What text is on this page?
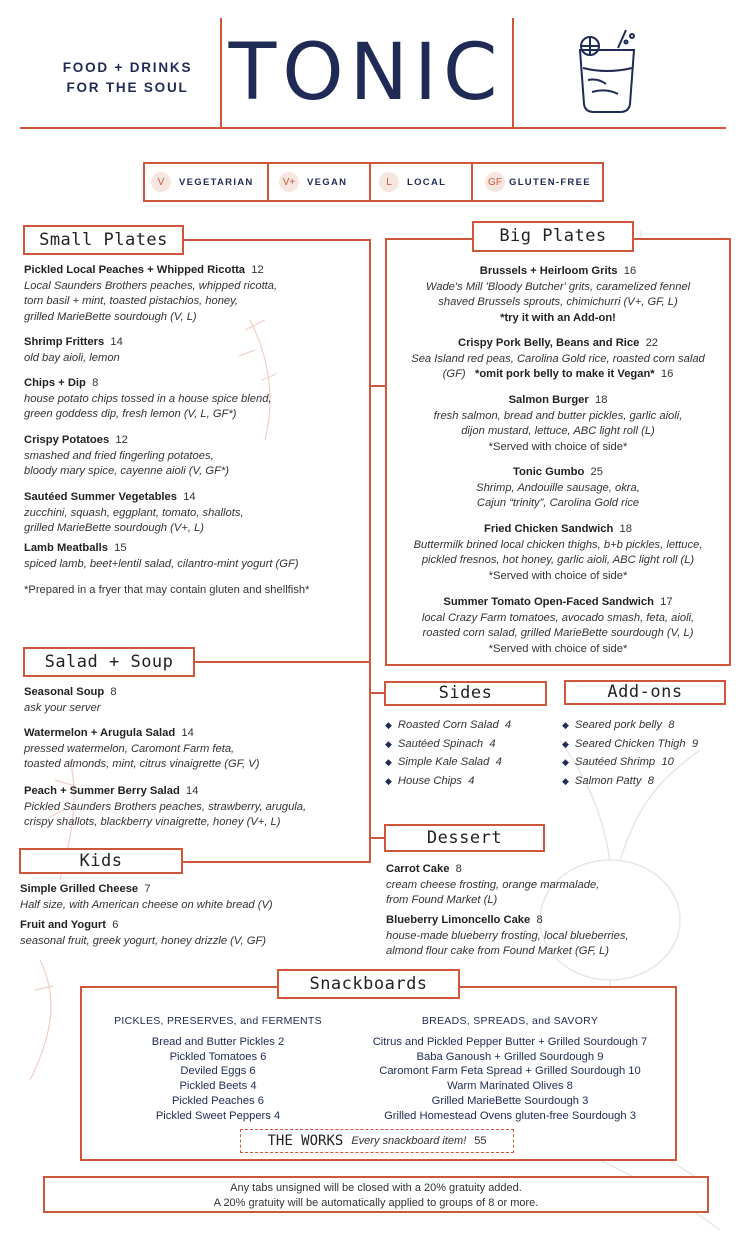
FOOD + DRINKS
FOR THE SOUL TONIC
V	VEGETARIAN	V+	VEGAN	L	LOCAL	GF GLUTEN-FREE
Small Plates
Pickled Local Peaches + Whipped Ricotta 12
Local Saunders Brothers peaches, whipped ricotta,
torn basil + mint, toasted pistachios, honey,
grilled MarieBette sourdough (V, L)
Shrimp Fritters 14
old bay aioli, lemon
Chips + Dip 8
house potato chips tossed in a house spice blend,
green goddess dip, fresh lemon (V, L, GF*)
Crispy Potatoes 12
smashed and fried fingerling potatoes,
bloody mary spice, cayenne aioli (V, GF*)
Sautéed Summer Vegetables 14
zucchini, squash, eggplant, tomato, shallots,
grilled MarieBette sourdough (V+, L)
Lamb Meatballs 15
spiced lamb, beet+lentil salad, cilantro-mint yogurt (GF)
*Prepared in a fryer that may contain gluten and shellfish*
Salad + Soup
Seasonal Soup 8
ask your server
Watermelon + Arugula Salad 14
pressed watermelon, Caromont Farm feta,
toasted almonds, mint, citrus vinaigrette (GF, V)
Peach + Summer Berry Salad 14
Pickled Saunders Brothers peaches, strawberry, arugula,
crispy shallots, blackberry vinaigrette, honey (V+, L)
Kids
Simple Grilled Cheese 7
Half size, with American cheese on white bread (V)
Fruit and Yogurt 6
seasonal fruit, greek yogurt, honey drizzle (V, GF)
Big Plates
Brussels + Heirloom Grits 16
Wade's Mill 'Bloody Butcher' grits, caramelized fennel
shaved Brussels sprouts, chimichurri (V+, GF, L)
*try it with an Add-on!
Crispy Pork Belly, Beans and Rice 22
Sea Island red peas, Carolina Gold rice, roasted corn salad
(GF) *omit pork belly to make it Vegan* 16
Salmon Burger 18
fresh salmon, bread and butter pickles, garlic aioli,
dijon mustard, lettuce, ABC light roll (L)
*Served with choice of side*
Tonic Gumbo 25
Shrimp, Andouille sausage, okra,
Cajun “trinity”, Carolina Gold rice
Fried Chicken Sandwich 18
Buttermilk brined local chicken thighs, b+b pickles, lettuce,
pickled fresnos, hot honey, garlic aioli, ABC light roll (L)
*Served with choice of side*
Summer Tomato Open-Faced Sandwich 17
local Crazy Farm tomatoes, avocado smash, feta, aioli,
roasted corn salad, grilled MarieBette sourdough (V, L)
*Served with choice of side*
Sides
◆ Roasted Corn Salad 4
◆ Sautéed Spinach 4
◆ Simple Kale Salad 4
◆ House Chips 4
Add-ons
◆ Seared pork belly 8
◆ Seared Chicken Thigh 9
◆ Sautéed Shrimp 10
◆ Salmon Patty 8
Dessert
Carrot Cake 8
cream cheese frosting, orange marmalade,
from Found Market (L)
Blueberry Limoncello Cake 8
house-made blueberry frosting, local blueberries,
almond flour cake from Found Market (GF, L)
Snackboards
PICKLES, PRESERVES, and FERMENTS
Bread and Butter Pickles 2
Pickled Tomatoes 6
Deviled Eggs 6
Pickled Beets 4
Pickled Peaches 6
Pickled Sweet Peppers 4
BREADS, SPREADS, and SAVORY
Citrus and Pickled Pepper Butter + Grilled Sourdough 7
Baba Ganoush + Grilled Sourdough 9
Caromont Farm Feta Spread + Grilled Sourdough 10
Warm Marinated Olives 8
Grilled MarieBette Sourdough 3
Grilled Homestead Ovens gluten-free Sourdough 3
THE WORKS Every snackboard item! 55
Any tabs unsigned will be closed with a 20% gratuity added.
A 20% gratuity will be automatically applied to groups of 8 or more.
